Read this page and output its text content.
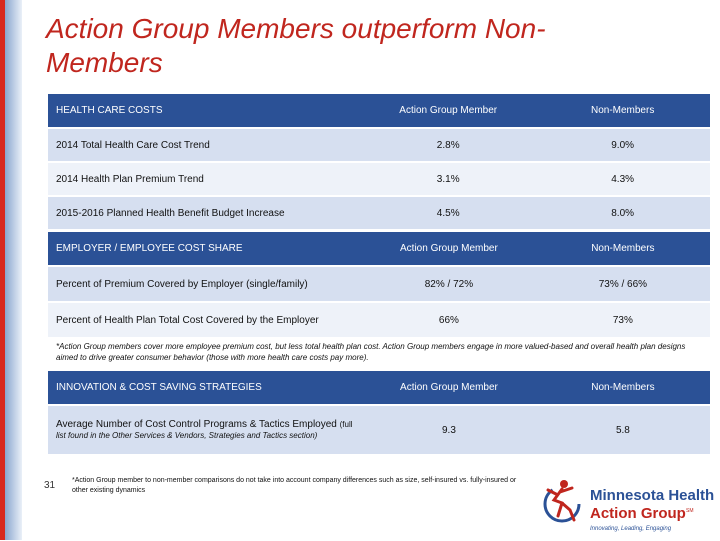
Action Group Members outperform Non-Members
HEALTH CARE COSTS	Action Group Member	Non-Members
2014 Total Health Care Cost Trend	2.8%	9.0%
2014 Health Plan Premium Trend	3.1%	4.3%
2015-2016 Planned Health Benefit Budget Increase	4.5%	8.0%
EMPLOYER / EMPLOYEE COST SHARE	Action Group Member	Non-Members
Percent of Premium Covered by Employer (single/family)	82% / 72%	73% / 66%
Percent of Health Plan Total Cost Covered by the Employer	66%	73%
*Action Group members cover more employee premium cost, but less total health plan cost. Action Group members engage in more valued-based and overall health plan designs aimed to drive greater consumer behavior (those with more health care costs pay more).
INNOVATION & COST SAVING STRATEGIES	Action Group Member	Non-Members
Average Number of Cost Control Programs & Tactics Employed (full
list found in the Other Services & Vendors, Strategies and Tactics section)	9.3	5.8
*Action Group member to non-member comparisons do not take into account company differences such as size, self-insured vs. fully-insured or other existing dynamics
31
Minnesota Health
Action Group SM
Innovating, Leading, Engaging
